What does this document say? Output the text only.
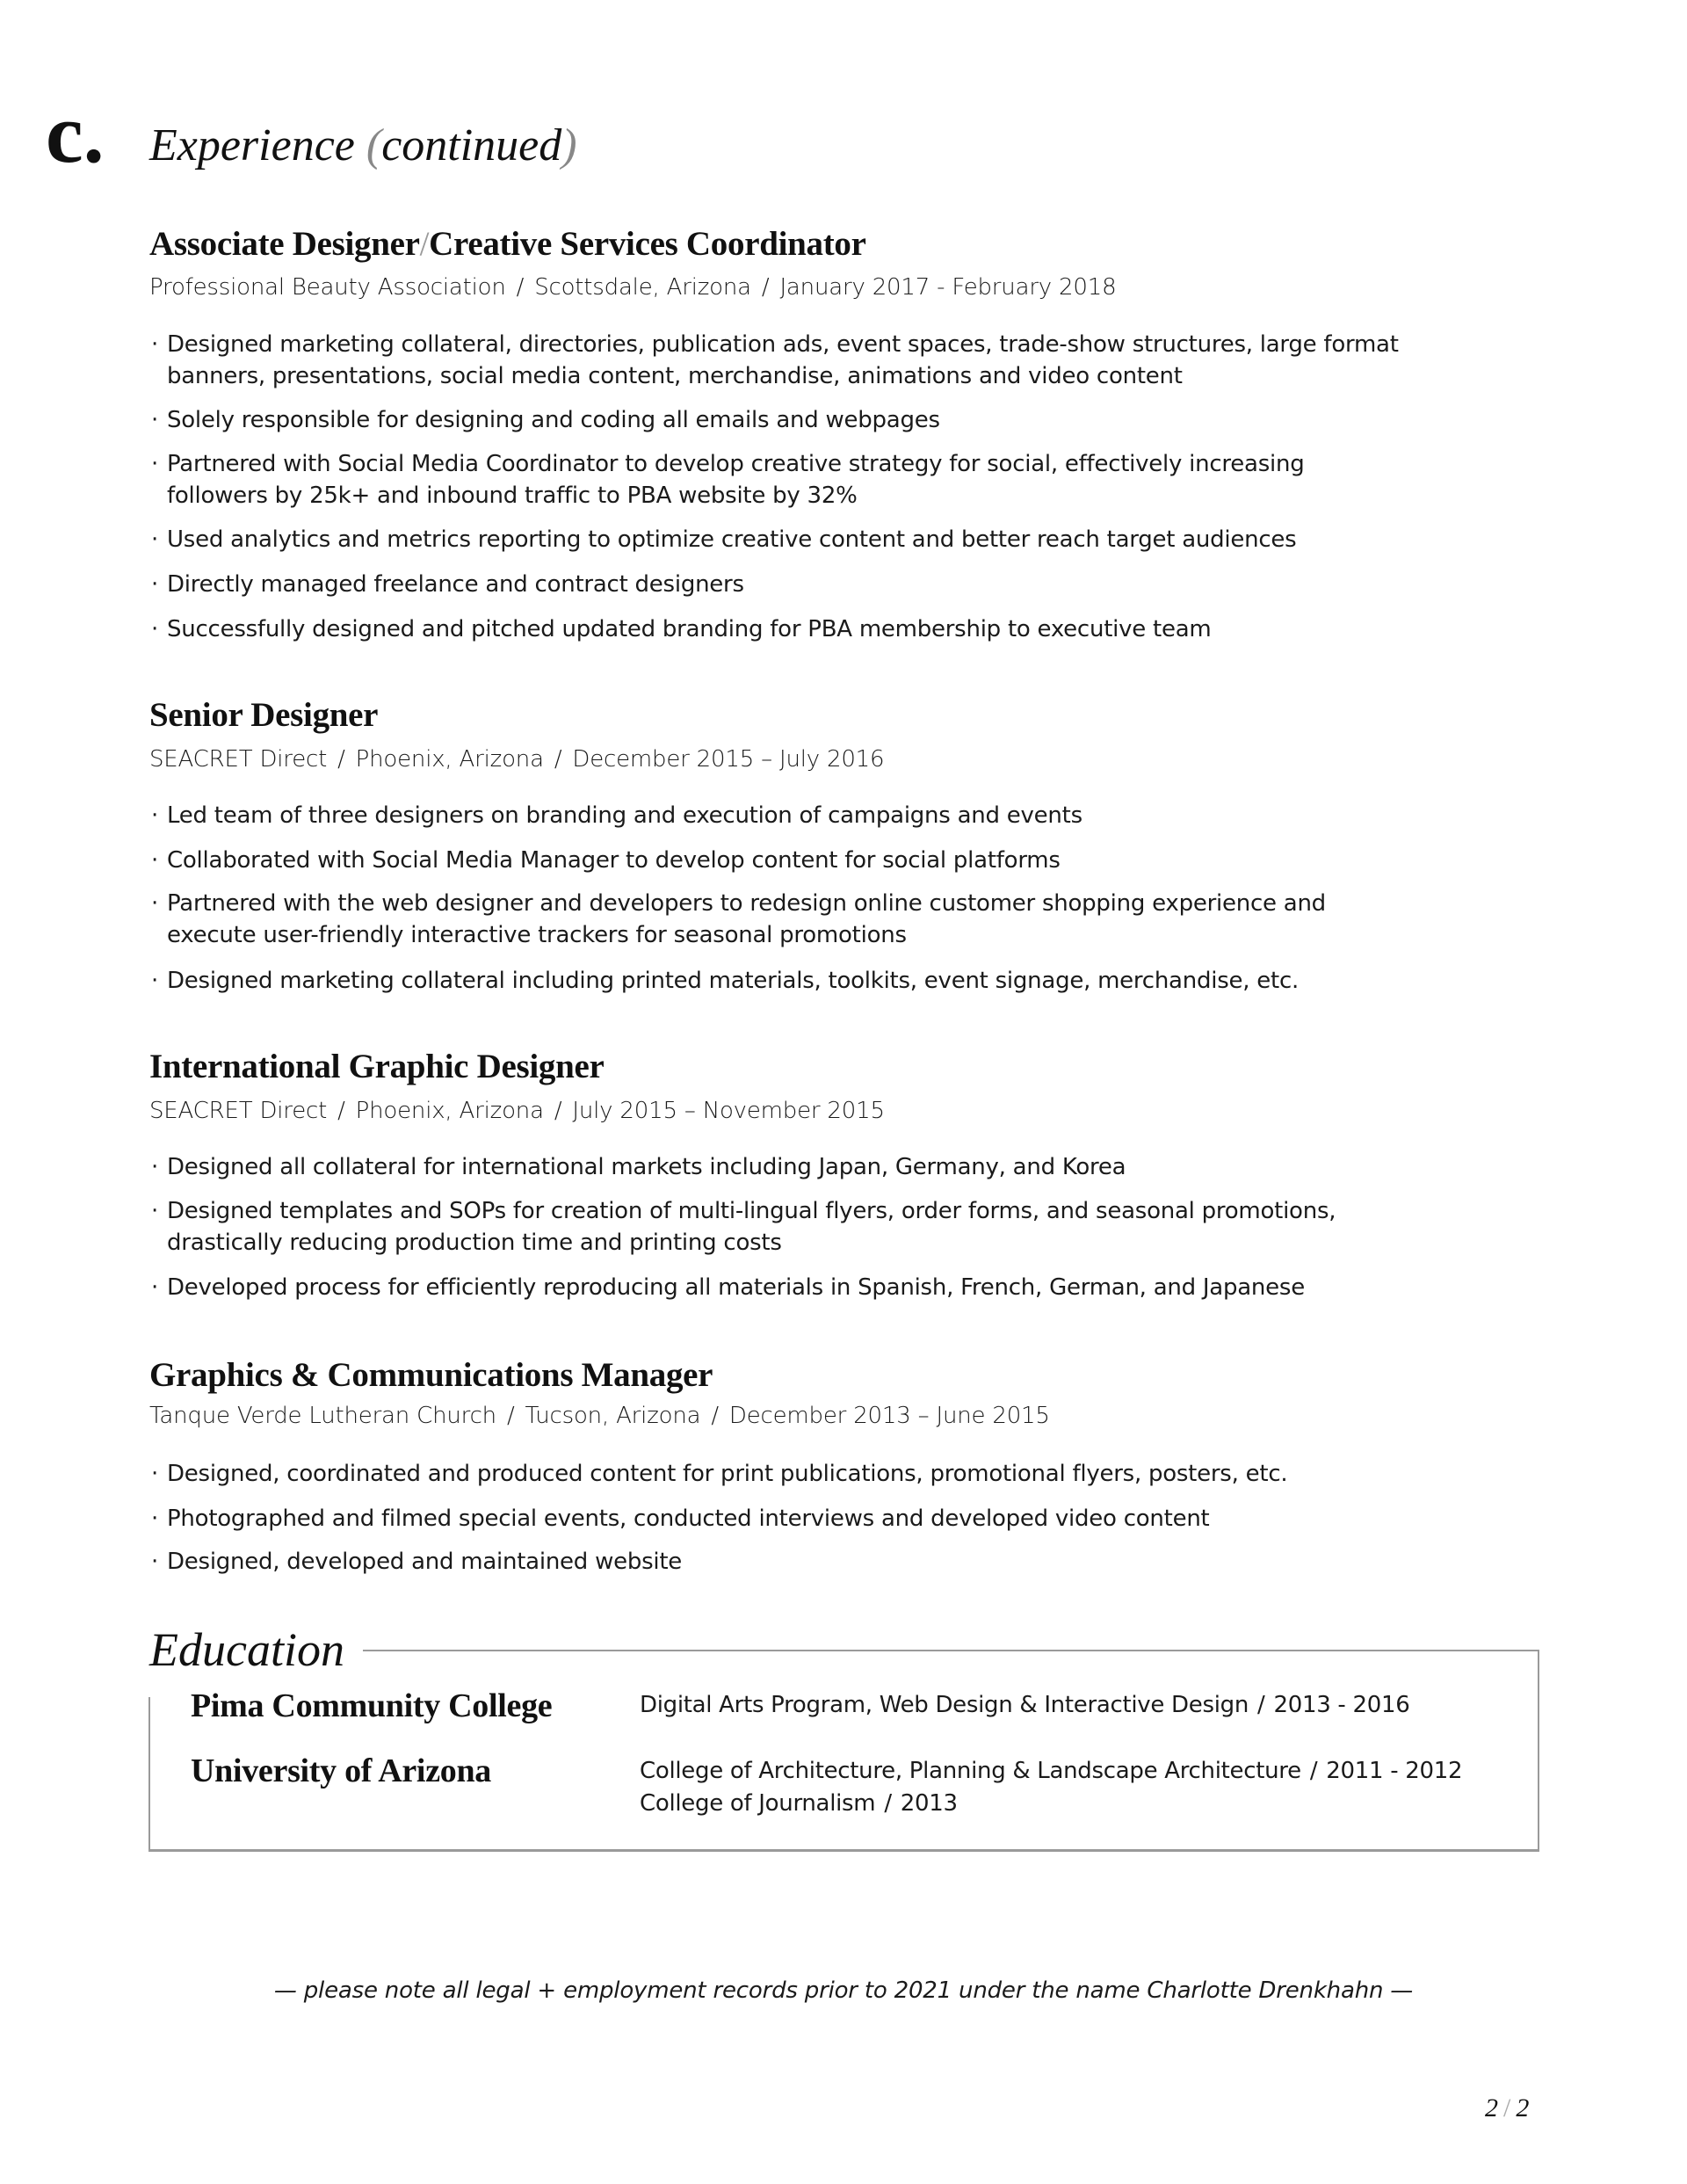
c. Experience (continued)
Associate Designer/Creative Services Coordinator
Professional Beauty Association / Scottsdale, Arizona / January 2017 - February 2018
· Designed marketing collateral, directories, publication ads, event spaces, trade-show structures, large format
banners, presentations, social media content, merchandise, animations and video content
· Solely responsible for designing and coding all emails and webpages
· Partnered with Social Media Coordinator to develop creative strategy for social, effectively increasing
followers by 25k+ and inbound traffic to PBA website by 32%
· Used analytics and metrics reporting to optimize creative content and better reach target audiences
· Directly managed freelance and contract designers
· Successfully designed and pitched updated branding for PBA membership to executive team
Senior Designer
SEACRET Direct / Phoenix, Arizona / December 2015 – July 2016
· Led team of three designers on branding and execution of campaigns and events
· Collaborated with Social Media Manager to develop content for social platforms
· Partnered with the web designer and developers to redesign online customer shopping experience and
execute user-friendly interactive trackers for seasonal promotions
· Designed marketing collateral including printed materials, toolkits, event signage, merchandise, etc.
International Graphic Designer
SEACRET Direct / Phoenix, Arizona / July 2015 – November 2015
· Designed all collateral for international markets including Japan, Germany, and Korea
· Designed templates and SOPs for creation of multi-lingual flyers, order forms, and seasonal promotions,
drastically reducing production time and printing costs
· Developed process for efficiently reproducing all materials in Spanish, French, German, and Japanese
Graphics & Communications Manager
Tanque Verde Lutheran Church / Tucson, Arizona / December 2013 – June 2015
· Designed, coordinated and produced content for print publications, promotional flyers, posters, etc.
· Photographed and filmed special events, conducted interviews and developed video content
· Designed, developed and maintained website
Education
Pima Community College	Digital Arts Program, Web Design & Interactive Design / 2013 - 2016
University of Arizona	College of Architecture, Planning & Landscape Architecture / 2011 - 2012
College of Journalism / 2013
— please note all legal + employment records prior to 2021 under the name Charlotte Drenkhahn —
2 / 2
